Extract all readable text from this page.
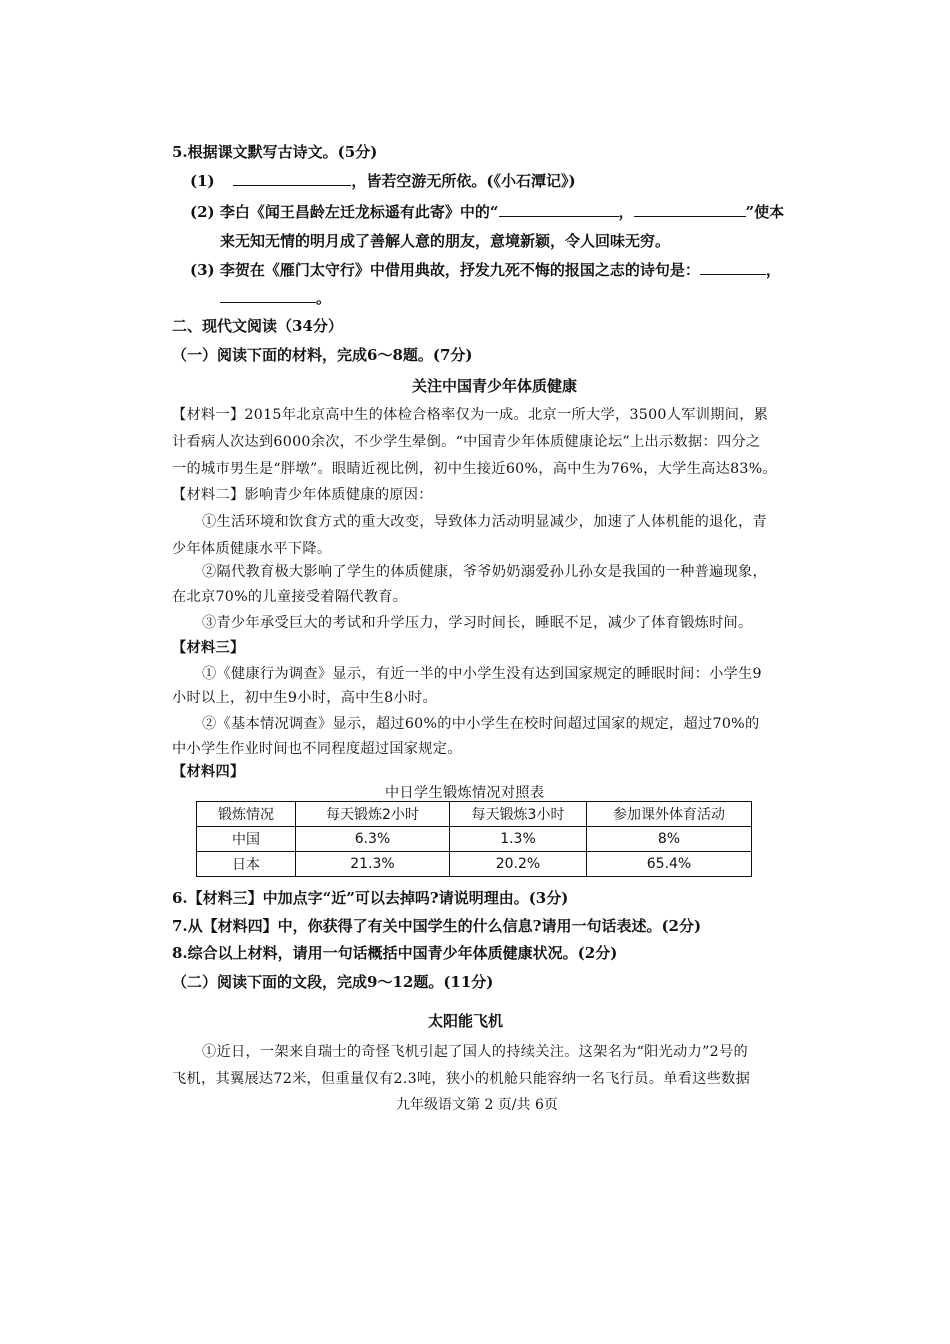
5.根据课文默写古诗文。(5分)
(1)	，皆若空游无所依。(《小石潭记》)
(2) 李白《闻王昌龄左迁龙标遥有此寄》中的“	，	”使本
来无知无情的明月成了善解人意的朋友，意境新颖，令人回味无穷。
(3) 李贺在《雁门太守行》中借用典故，抒发九死不悔的报国之志的诗句是：	，
。
二、现代文阅读（34分）
（一）阅读下面的材料，完成6～8题。(7分)
关注中国青少年体质健康
【材料一】2015年北京高中生的体检合格率仅为一成。北京一所大学，3500人军训期间，累
计看病人次达到6000余次，不少学生晕倒。“中国青少年体质健康论坛”上出示数据：四分之
一的城市男生是“胖墩”。眼睛近视比例，初中生接近60%，高中生为76%，大学生高达83%。
【材料二】影响青少年体质健康的原因：
①生活环境和饮食方式的重大改变，导致体力活动明显减少，加速了人体机能的退化，青
少年体质健康水平下降。
②隔代教育极大影响了学生的体质健康，爷爷奶奶溺爱孙儿孙女是我国的一种普遍现象，
在北京70%的儿童接受着隔代教育。
③青少年承受巨大的考试和升学压力，学习时间长，睡眠不足，减少了体育锻炼时间。
【材料三】
①《健康行为调查》显示，有近一半的中小学生没有达到国家规定的睡眠时间：小学生9
小时以上，初中生9小时，高中生8小时。
②《基本情况调查》显示，超过60%的中小学生在校时间超过国家的规定，超过70%的
中小学生作业时间也不同程度超过国家规定。
【材料四】
中日学生锻炼情况对照表
锻炼情况	每天锻炼2小时	每天锻炼3小时	参加课外体育活动
中国	6.3%	1.3%	8%
日本	21.3%	20.2%	65.4%
6.【材料三】中加点字“近”可以去掉吗?请说明理由。(3分)
7.从【材料四】中，你获得了有关中国学生的什么信息?请用一句话表述。(2分)
8.综合以上材料，请用一句话概括中国青少年体质健康状况。(2分)
（二）阅读下面的文段，完成9～12题。(11分)
太阳能飞机
①近日，一架来自瑞士的奇怪飞机引起了国人的持续关注。这架名为“阳光动力”2号的
飞机，其翼展达72米，但重量仅有2.3吨，狭小的机舱只能容纳一名飞行员。单看这些数据
九年级语文第 2 页/共 6页
